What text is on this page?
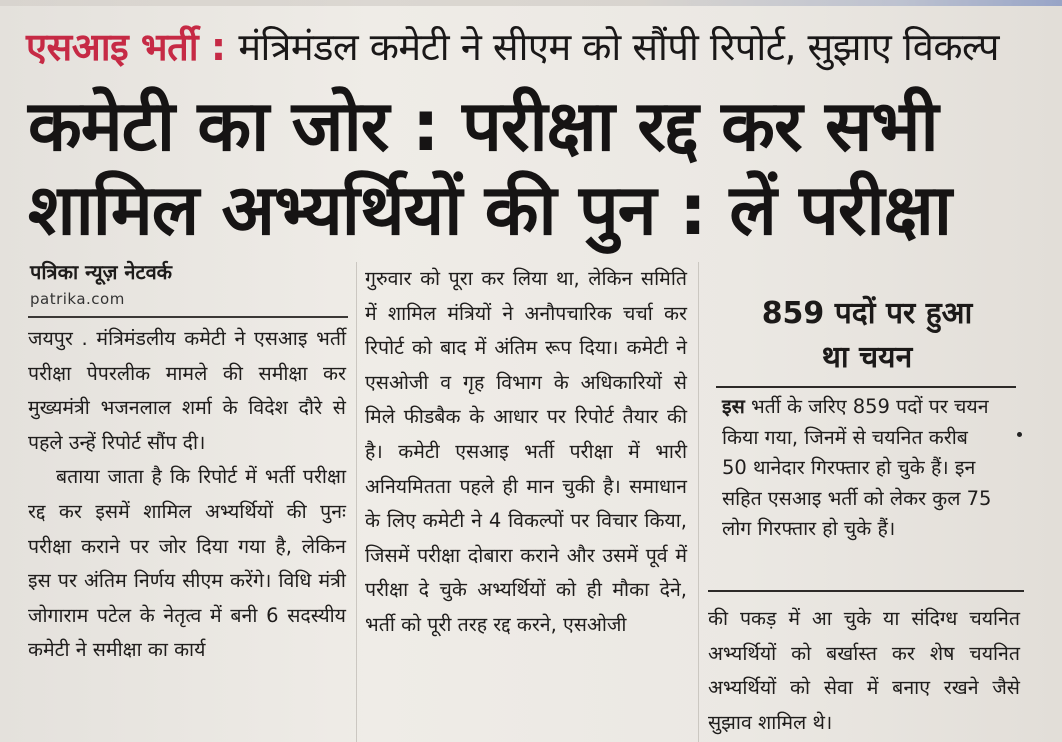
एसआइ भर्ती : मंत्रिमंडल कमेटी ने सीएम को सौंपी रिपोर्ट, सुझाए विकल्प
कमेटी का जोर : परीक्षा रद्द कर सभी
शामिल अभ्यर्थियों की पुन : लें परीक्षा
पत्रिका न्यूज़ नेटवर्क
patrika.com

जयपुर . मंत्रिमंडलीय कमेटी ने एसआइ भर्ती परीक्षा पेपरलीक मामले की समीक्षा कर मुख्यमंत्री भजनलाल शर्मा के विदेश दौरे से पहले उन्हें रिपोर्ट सौंप दी।

बताया जाता है कि रिपोर्ट में भर्ती परीक्षा रद्द कर इसमें शामिल अभ्यर्थियों की पुनः परीक्षा कराने पर जोर दिया गया है, लेकिन इस पर अंतिम निर्णय सीएम करेंगे। विधि मंत्री जोगाराम पटेल के नेतृत्व में बनी 6 सदस्यीय कमेटी ने समीक्षा का कार्य

गुरुवार को पूरा कर लिया था, लेकिन समिति में शामिल मंत्रियों ने अनौपचारिक चर्चा कर रिपोर्ट को बाद में अंतिम रूप दिया। कमेटी ने एसओजी व गृह विभाग के अधिकारियों से मिले फीडबैक के आधार पर रिपोर्ट तैयार की है। कमेटी एसआइ भर्ती परीक्षा में भारी अनियमितता पहले ही मान चुकी है। समाधान के लिए कमेटी ने 4 विकल्पों पर विचार किया, जिसमें परीक्षा दोबारा कराने और उसमें पूर्व में परीक्षा दे चुके अभ्यर्थियों को ही मौका देने, भर्ती को पूरी तरह रद्द करने, एसओजी

859 पदों पर हुआ
था चयन
इस भर्ती के जरिए 859 पदों पर चयन किया गया, जिनमें से चयनित करीब 50 थानेदार गिरफ्तार हो चुके हैं। इन सहित एसआइ भर्ती को लेकर कुल 75 लोग गिरफ्तार हो चुके हैं।

की पकड़ में आ चुके या संदिग्ध चयनित अभ्यर्थियों को बर्खास्त कर शेष चयनित अभ्यर्थियों को सेवा में बनाए रखने जैसे सुझाव शामिल थे।
